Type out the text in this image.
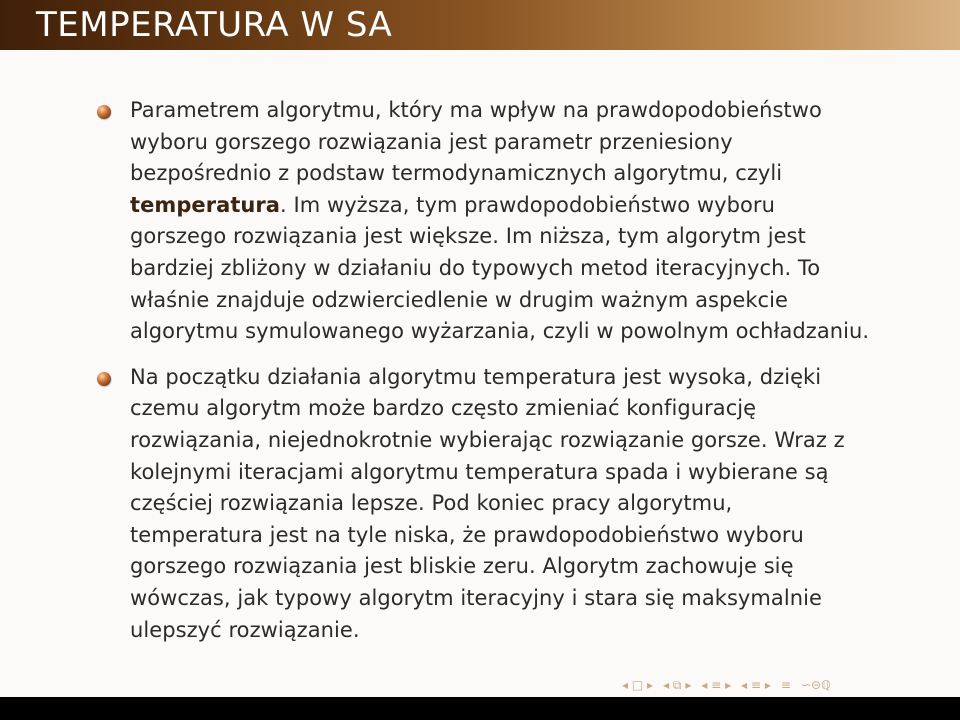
TEMPERATURA W SA
Parametrem algorytmu, który ma wpływ na prawdopodobieństwo
wyboru gorszego rozwiązania jest parametr przeniesiony
bezpośrednio z podstaw termodynamicznych algorytmu, czyli
temperatura. Im wyższa, tym prawdopodobieństwo wyboru
gorszego rozwiązania jest większe. Im niższa, tym algorytm jest
bardziej zbliżony w działaniu do typowych metod iteracyjnych. To
właśnie znajduje odzwierciedlenie w drugim ważnym aspekcie
algorytmu symulowanego wyżarzania, czyli w powolnym ochładzaniu.
Na początku działania algorytmu temperatura jest wysoka, dzięki
czemu algorytm może bardzo często zmieniać konfigurację
rozwiązania, niejednokrotnie wybierając rozwiązanie gorsze. Wraz z
kolejnymi iteracjami algorytmu temperatura spada i wybierane są
częściej rozwiązania lepsze. Pod koniec pracy algorytmu,
temperatura jest na tyle niska, że prawdopodobieństwo wyboru
gorszego rozwiązania jest bliskie zeru. Algorytm zachowuje się
wówczas, jak typowy algorytm iteracyjny i stara się maksymalnie
ulepszyć rozwiązanie.
◂ □ ▸ ◂ ⧉ ▸ ◂ ≡ ▸ ◂ ≡ ▸ ≡ ∽⊝ℚ
